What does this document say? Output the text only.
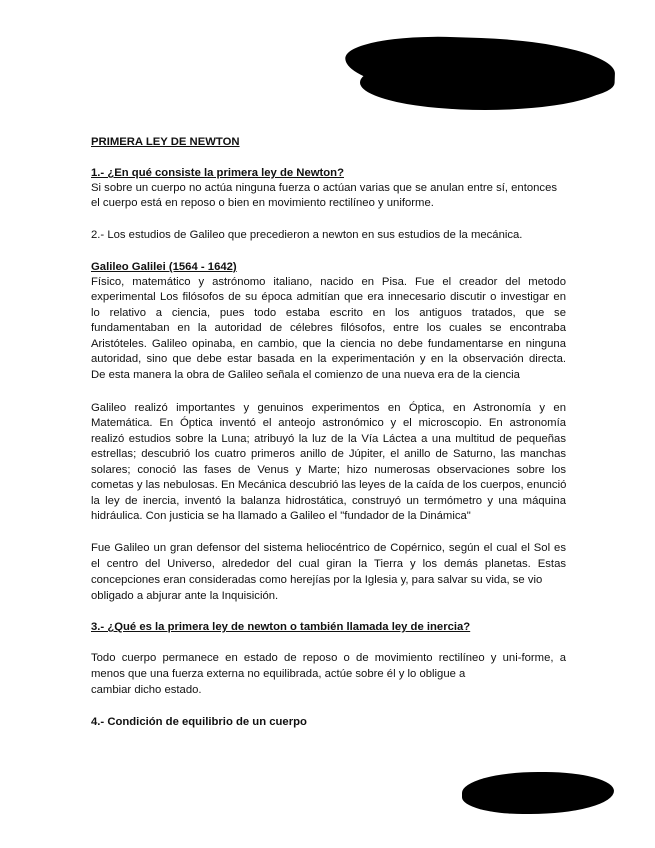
PRIMERA LEY DE NEWTON
1.- ¿En qué consiste la primera ley de Newton?
Si sobre un cuerpo no actúa ninguna fuerza o actúan varias que se anulan entre sí, entonces
el cuerpo está en reposo o bien en movimiento rectilíneo y uniforme.
2.- Los estudios de Galileo que precedieron a newton en sus estudios de la mecánica.
Galileo Galilei (1564 - 1642)
Físico, matemático y astrónomo italiano, nacido en Pisa. Fue el creador del metodo
experimental Los filósofos de su época admitían que era innecesario discutir o investigar en
lo relativo a ciencia, pues todo estaba escrito en los antiguos tratados, que se
fundamentaban en la autoridad de célebres filósofos, entre los cuales se encontraba
Aristóteles. Galileo opinaba, en cambio, que la ciencia no debe fundamentarse en ninguna
autoridad, sino que debe estar basada en la experimentación y en la observación directa.
De esta manera la obra de Galileo señala el comienzo de una nueva era de la ciencia
Galileo realizó importantes y genuinos experimentos en Óptica, en Astronomía y en
Matemática. En Óptica inventó el anteojo astronómico y el microscopio. En astronomía
realizó estudios sobre la Luna; atribuyó la luz de la Vía Láctea a una multitud de pequeñas
estrellas; descubrió los cuatro primeros anillo de Júpiter, el anillo de Saturno, las manchas
solares; conoció las fases de Venus y Marte; hizo numerosas observaciones sobre los
cometas y las nebulosas. En Mecánica descubrió las leyes de la caída de los cuerpos, enunció
la ley de inercia, inventó la balanza hidrostática, construyó un termómetro y una máquina
hidráulica. Con justicia se ha llamado a Galileo el "fundador de la Dinámica"
Fue Galileo un gran defensor del sistema heliocéntrico de Copérnico, según el cual el Sol es
el centro del Universo, alrededor del cual giran la Tierra y los demás planetas. Estas
concepciones eran consideradas como herejías por la Iglesia y, para salvar su vida, se vio
obligado a abjurar ante la Inquisición.
3.- ¿Qué es la primera ley de newton o también llamada ley de inercia?
Todo cuerpo permanece en estado de reposo o de movimiento rectilíneo y uni-forme, a
menos que una fuerza externa no equilibrada, actúe sobre él y lo obligue a
cambiar dicho estado.
4.- Condición de equilibrio de un cuerpo
